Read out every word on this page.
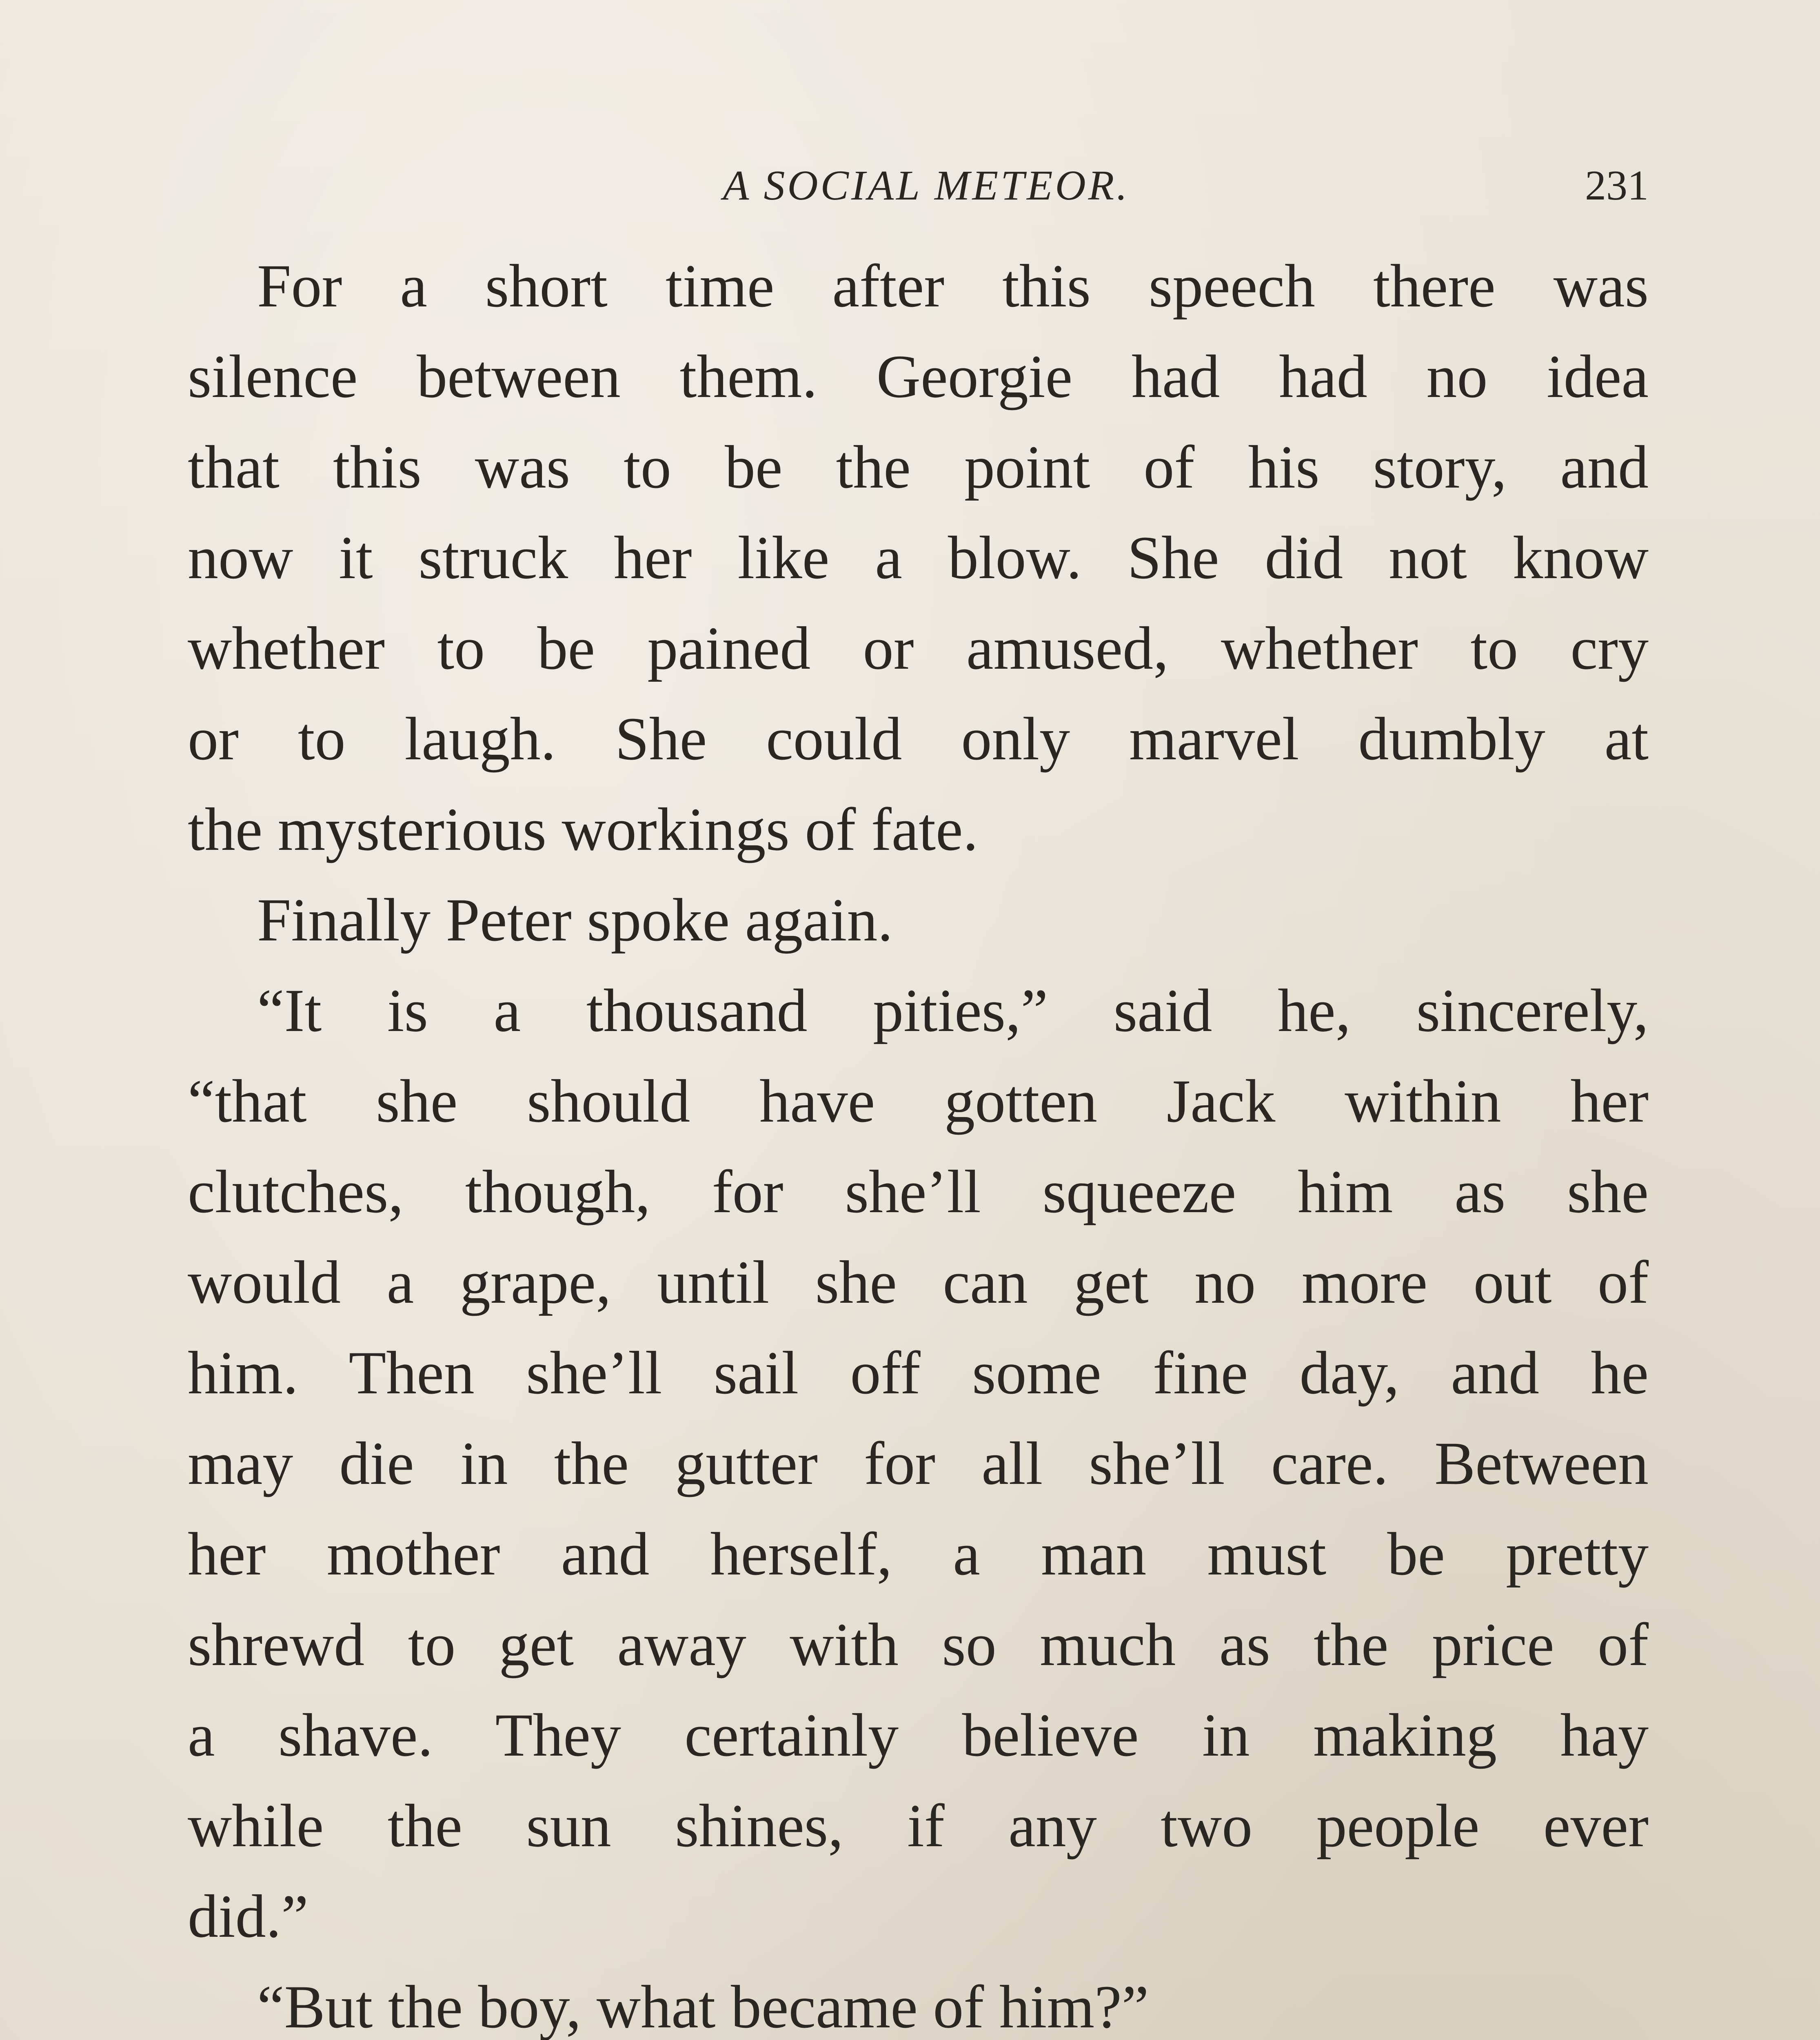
A SOCIAL METEOR.	231
For a short time after this speech there was
silence between them. Georgie had had no idea
that this was to be the point of his story, and
now it struck her like a blow. She did not know
whether to be pained or amused, whether to cry
or to laugh. She could only marvel dumbly at
the mysterious workings of fate.
Finally Peter spoke again.
“It is a thousand pities,” said he, sincerely,
“that she should have gotten Jack within her
clutches, though, for she’ll squeeze him as she
would a grape, until she can get no more out of
him. Then she’ll sail off some fine day, and he
may die in the gutter for all she’ll care. Between
her mother and herself, a man must be pretty
shrewd to get away with so much as the price of
a shave. They certainly believe in making hay
while the sun shines, if any two people ever
did.”
“But the boy, what became of him?”
